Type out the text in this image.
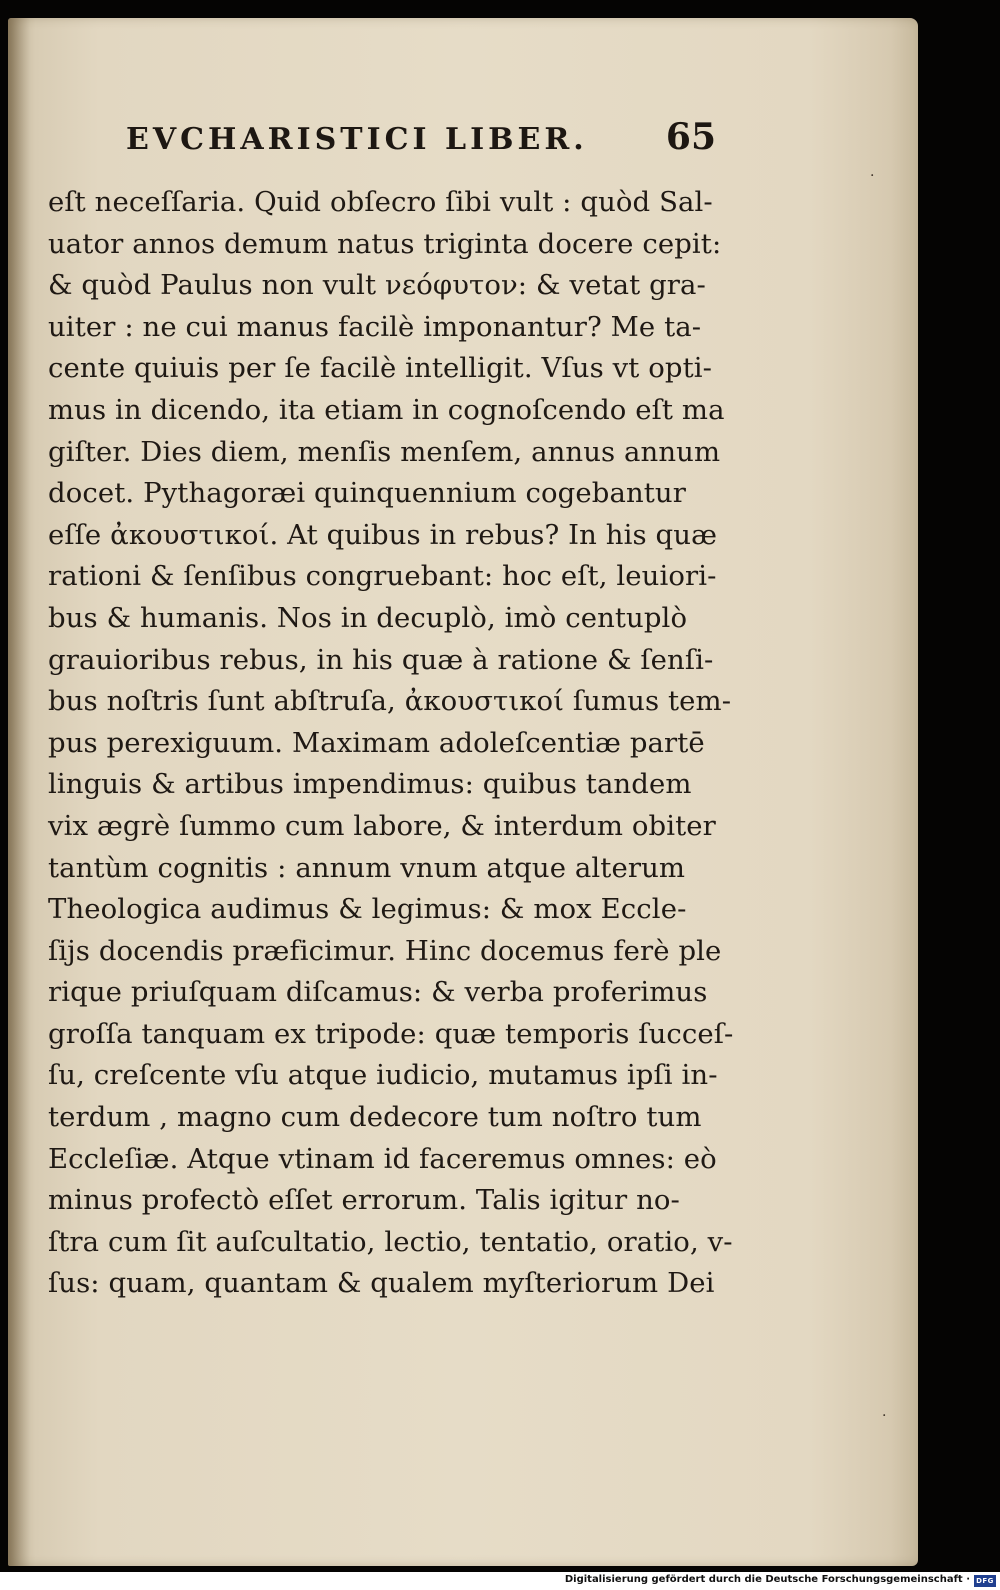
EVCHARISTICI LIBER. 65
eſt neceſſaria. Quid obſecro ſibi vult : quòd Sal-
uator annos demum natus triginta docere cepit:
& quòd Paulus non vult νεόφυτον: & vetat gra-
uiter : ne cui manus facilè imponantur? Me ta-
cente quiuis per ſe facilè intelligit. Vſus vt opti-
mus in dicendo, ita etiam in cognoſcendo eſt ma
giſter. Dies diem, menſis menſem, annus annum
docet. Pythagoræi quinquennium cogebantur
eſſe ἀκουστικοί. At quibus in rebus? In his quæ
rationi & ſenſibus congruebant: hoc eſt, leuiori-
bus & humanis. Nos in decuplò, imò centuplò
grauioribus rebus, in his quæ à ratione & ſenſi-
bus noſtris ſunt abſtruſa, ἀκουστικοί ſumus tem-
pus perexiguum. Maximam adoleſcentiæ partē
linguis & artibus impendimus: quibus tandem
vix ægrè ſummo cum labore, & interdum obiter
tantùm cognitis : annum vnum atque alterum
Theologica audimus & legimus: & mox Eccle-
ſijs docendis præficimur. Hinc docemus ferè ple
rique priuſquam diſcamus: & verba proferimus
groſſa tanquam ex tripode: quæ temporis ſucceſ-
ſu, creſcente vſu atque iudicio, mutamus ipſi in-
terdum , magno cum dedecore tum noſtro tum
Eccleſiæ. Atque vtinam id faceremus omnes: eò
minus profectò eſſet errorum. Talis igitur no-
ſtra cum ſit auſcultatio, lectio, tentatio, oratio, v-
ſus: quam, quantam & qualem myſteriorum Dei
·
·
Digitalisierung gefördert durch die Deutsche Forschungsgemeinschaft · DFG
